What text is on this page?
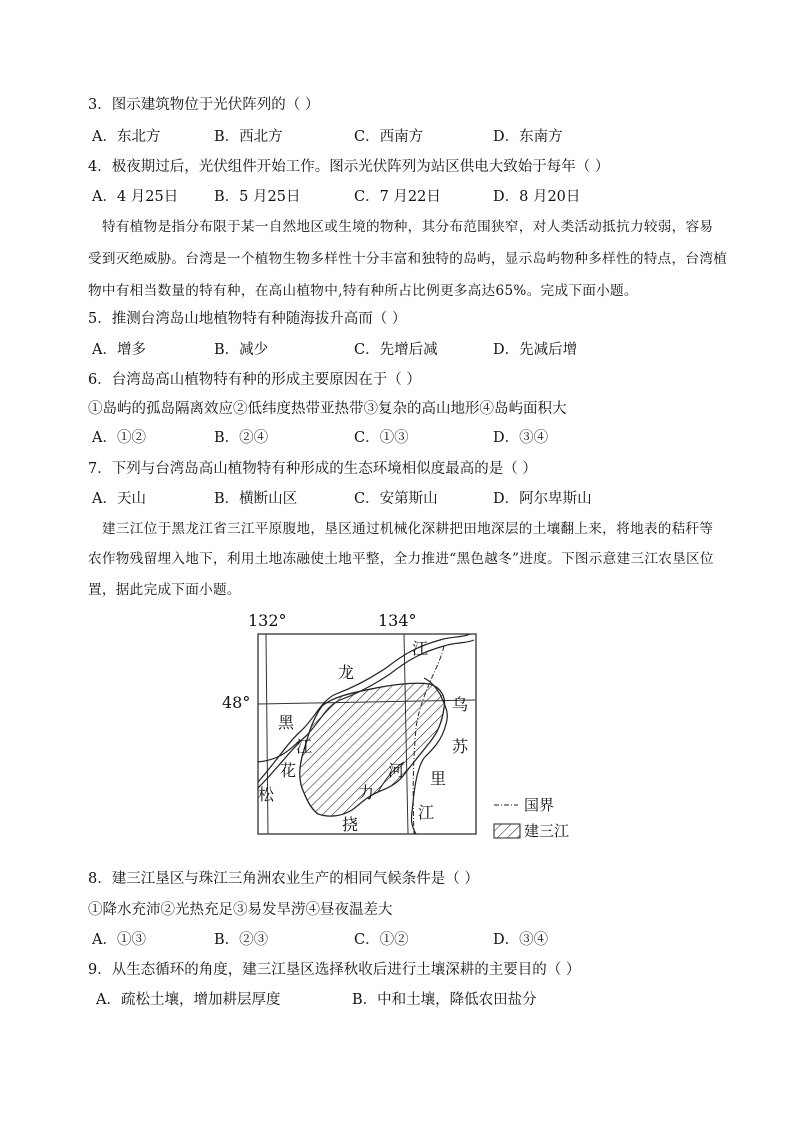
3．图示建筑物位于光伏阵列的（ ）
A．东北方	B．西北方	C．西南方	D．东南方
4．极夜期过后，光伏组件开始工作。图示光伏阵列为站区供电大致始于每年（ ）
A．4 月25日 B．5 月25日	C．7 月22日	D．8 月20日
特有植物是指分布限于某一自然地区或生境的物种，其分布范围狭窄，对人类活动抵抗力较弱，容易
受到灭绝威胁。台湾是一个植物生物多样性十分丰富和独特的岛屿，显示岛屿物种多样性的特点，台湾植
物中有相当数量的特有种，在高山植物中,特有种所占比例更多高达65%。完成下面小题。
5．推测台湾岛山地植物特有种随海拔升高而（ ）
A．增多	B．减少	C．先增后减	D．先减后增
6．台湾岛高山植物特有种的形成主要原因在于（ ）
①岛屿的孤岛隔离效应②低纬度热带亚热带③复杂的高山地形④岛屿面积大
A．①②	B．②④	C．①③	D．③④
7．下列与台湾岛高山植物特有种形成的生态环境相似度最高的是（ ）
A．天山	B．横断山区	C．安第斯山	D．阿尔卑斯山
建三江位于黑龙江省三江平原腹地，垦区通过机械化深耕把田地深层的土壤翻上来，将地表的秸秆等
农作物残留埋入地下，利用土地冻融使土地平整，全力推进“黑色越冬”进度。下图示意建三江农垦区位
置，据此完成下面小题。
132°	134°
48°
龙
江
黑
江
花
松
乌
苏
里
江
河
力
挠
国界
建三江
8．建三江垦区与珠江三角洲农业生产的相同气候条件是（ ）
①降水充沛②光热充足③易发旱涝④昼夜温差大
A．①③	B．②③	C．①②	D．③④
9．从生态循环的角度，建三江垦区选择秋收后进行土壤深耕的主要目的（ ）
A．疏松土壤，增加耕层厚度	B．中和土壤，降低农田盐分
